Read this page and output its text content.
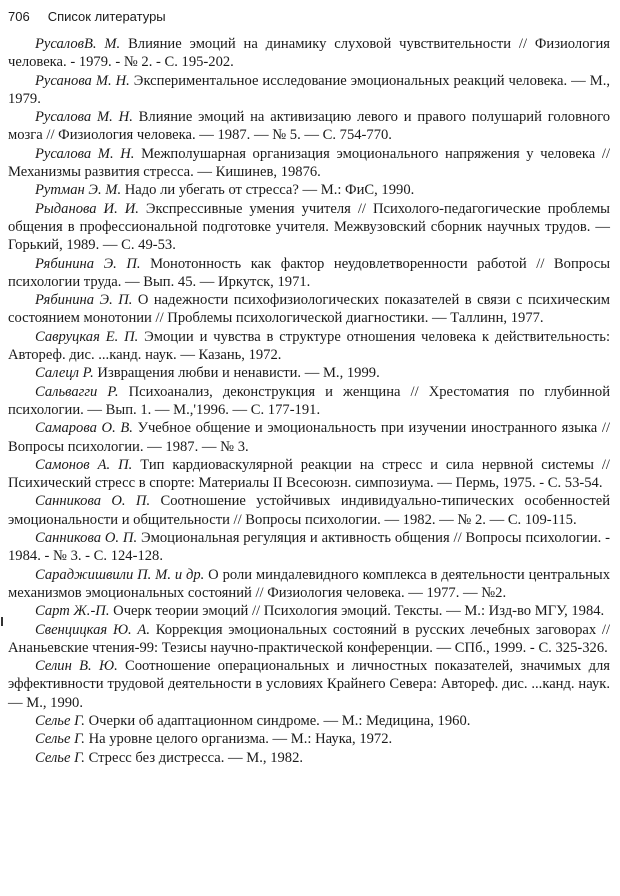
706 Список литературы

РусаловВ. М. Влияние эмоций на динамику слуховой чувствительности // Физиология человека. - 1979. - № 2. - С. 195-202.

Русанова М. Н. Экспериментальное исследование эмоциональных реакций человека. — М., 1979.

Русалова М. Н. Влияние эмоций на активизацию левого и правого полушарий головного мозга // Физиология человека. — 1987. — № 5. — С. 754-770.

Русалова М. Н. Межполушарная организация эмоционального напряжения у человека // Механизмы развития стресса. — Кишинев, 19876.

Рутман Э. М. Надо ли убегать от стресса? — М.: ФиС, 1990.

Рыданова И. И. Экспрессивные умения учителя // Психолого-педагогические проблемы общения в профессиональной подготовке учителя. Межвузовский сборник научных трудов. — Горький, 1989. — С. 49-53.

Рябинина Э. П. Монотонность как фактор неудовлетворенности работой // Вопросы психологии труда. — Вып. 45. — Иркутск, 1971.

Рябинина Э. П. О надежности психофизиологических показателей в связи с психическим состоянием монотонии // Проблемы психологической диагностики. — Таллинн, 1977.

Савруцкая Е. П. Эмоции и чувства в структуре отношения человека к действительность: Автореф. дис. ...канд. наук. — Казань, 1972.

Салецл Р. Извращения любви и ненависти. — М., 1999.

Сальвагги Р. Психоанализ, деконструкция и женщина // Хрестоматия по глубинной психологии. — Вып. 1. — М.,'1996. — С. 177-191.

Самарова О. В. Учебное общение и эмоциональность при изучении иностранного языка // Вопросы психологии. — 1987. — № 3.

Самонов А. П. Тип кардиоваскулярной реакции на стресс и сила нервной системы // Психический стресс в спорте: Материалы II Всесоюзн. симпозиума. — Пермь, 1975. - С. 53-54.

Санникова О. П. Соотношение устойчивых индивидуально-типических особенностей эмоциональности и общительности // Вопросы психологии. — 1982. — № 2. — С. 109-115.

Санникова О. П. Эмоциональная регуляция и активность общения // Вопросы психологии. - 1984. - № 3. - С. 124-128.

Сараджишвили П. М. и др. О роли миндалевидного комплекса в деятельности центральных механизмов эмоциональных состояний // Физиология человека. — 1977. — №2.

Сарт Ж.-П. Очерк теории эмоций // Психология эмоций. Тексты. — М.: Изд-во МГУ, 1984.

Свенцицкая Ю. А. Коррекция эмоциональных состояний в русских лечебных заговорах // Ананьевские чтения-99: Тезисы научно-практической конференции. — СПб., 1999. - С. 325-326.

Селин В. Ю. Соотношение операциональных и личностных показателей, значимых для эффективности трудовой деятельности в условиях Крайнего Севера: Автореф. дис. ...канд. наук. — М., 1990.

Селье Г. Очерки об адаптационном синдроме. — М.: Медицина, 1960.

Селье Г. На уровне целого организма. — М.: Наука, 1972.

Селье Г. Стресс без дистресса. — М., 1982.
